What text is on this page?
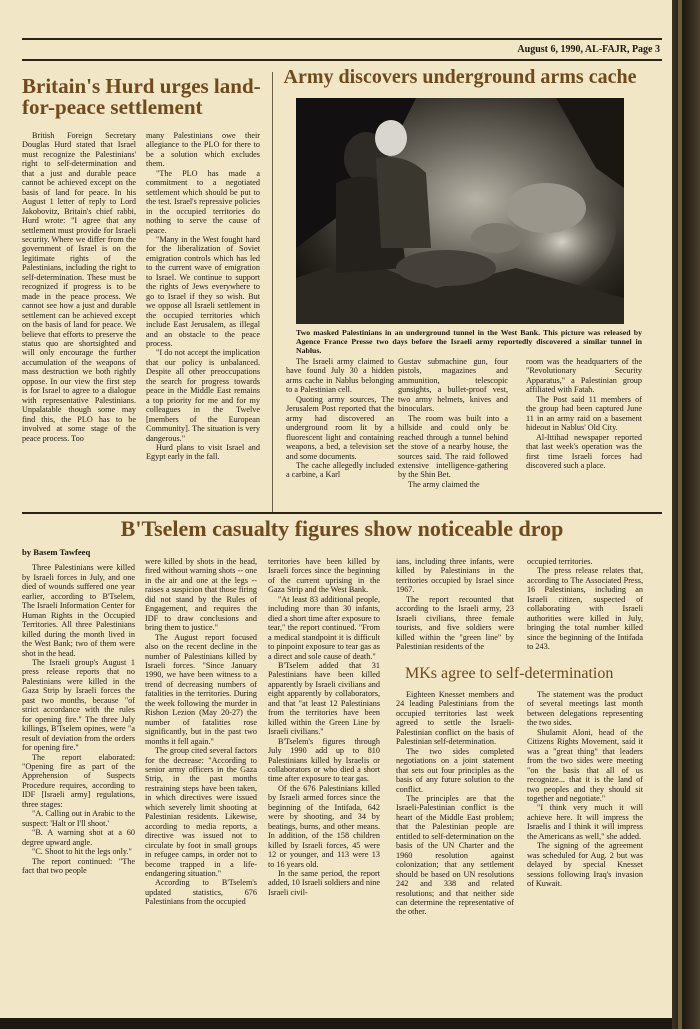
August 6, 1990, AL-FAJR, Page 3
Britain's Hurd urges land-for-peace settlement

British Foreign Secretary Douglas Hurd stated that Israel must recognize the Palestinians' right to self-determination and that a just and durable peace cannot be achieved except on the basis of land for peace. In his August 1 letter of reply to Lord Jakobovitz, Britain's chief rabbi, Hurd wrote: "I agree that any settlement must provide for Israeli security. Where we differ from the government of Israel is on the legitimate rights of the Palestinians, including the right to self-determination. These must be recognized if progress is to be made in the peace process. We cannot see how a just and durable settlement can be achieved except on the basis of land for peace. We believe that efforts to preserve the status quo are shortsighted and will only encourage the further accumulation of the weapons of mass destruction we both rightly oppose. In our view the first step is for Israel to agree to a dialogue with representative Palestinians. Unpalatable though some may find this, the PLO has to be involved at some stage of the peace process. Too

many Palestinians owe their allegiance to the PLO for there to be a solution which excludes them.

"The PLO has made a commitment to a negotiated settlement which should be put to the test. Israel's repressive policies in the occupied territories do nothing to serve the cause of peace.

"Many in the West fought hard for the liberalization of Soviet emigration controls which has led to the current wave of emigration to Israel. We continue to support the rights of Jews everywhere to go to Israel if they so wish. But we oppose all Israeli settlement in the occupied territories which include East Jerusalem, as illegal and an obstacle to the peace process.

"I do not accept the implication that our policy is unbalanced. Despite all other preoccupations the search for progress towards peace in the Middle East remains a top priority for me and for my colleagues in the Twelve [members of the European Community]. The situation is very dangerous."

Hurd plans to visit Israel and Egypt early in the fall.

Army discovers underground arms cache
Two masked Palestinians in an underground tunnel in the West Bank. This picture was released by Agence France Presse two days before the Israeli army reportedly discovered a similar tunnel in Nablus.

The Israeli army claimed to have found July 30 a hidden arms cache in Nablus belonging to a Palestinian cell.

Quoting army sources, The Jerusalem Post reported that the army had discovered an underground room lit by a fluorescent light and containing weapons, a bed, a television set and some documents.

The cache allegedly included a carbine, a Karl

Gustav submachine gun, four pistols, magazines and ammunition, telescopic gunsights, a bullet-proof vest, two army helmets, knives and binoculars.

The room was built into a hillside and could only be reached through a tunnel behind the stove of a nearby house, the sources said. The raid followed extensive intelligence-gathering by the Shin Bet.

The army claimed the

room was the headquarters of the "Revolutionary Security Apparatus," a Palestinian group affiliated with Fatah.

The Post said 11 members of the group had been captured June 11 in an army raid on a basement hideout in Nablus' Old City.

Al-Ittihad newspaper reported that last week's operation was the first time Israeli forces had discovered such a place.

B'Tselem casualty figures show noticeable drop
by Basem Tawfeeq

Three Palestinians were killed by Israeli forces in July, and one died of wounds suffered one year earlier, according to B'Tselem, The Israeli Information Center for Human Rights in the Occupied Territories. All three Palestinians killed during the month lived in the West Bank; two of them were shot in the head.

The Israeli group's August 1 press release reports that no Palestinians were killed in the Gaza Strip by Israeli forces the past two months, because "of strict accordance with the rules for opening fire." The three July killings, B'Tselem opines, were "a result of deviation from the orders for opening fire."

The report elaborated: "Opening fire as part of the Apprehension of Suspects Procedure requires, according to IDF [Israeli army] regulations, three stages:

"A. Calling out in Arabic to the suspect: 'Halt or I'll shoot.'

"B. A warning shot at a 60 degree upward angle.

"C. Shoot to hit the legs only."

The report continued: "The fact that two people

were killed by shots in the head, fired without warning shots -- one in the air and one at the legs -- raises a suspicion that those firing did not stand by the Rules of Engagement, and requires the IDF to draw conclusions and bring them to justice."

The August report focused also on the recent decline in the number of Palestinians killed by Israeli forces. "Since January 1990, we have been witness to a trend of decreasing numbers of fatalities in the territories. During the week following the murder in Rishon Lezion (May 20-27) the number of fatalities rose significantly, but in the past two months it fell again."

The group cited several factors for the decrease: "According to senior army officers in the Gaza Strip, in the past months restraining steps have been taken, in which directives were issued which severely limit shooting at Palestinian residents. Likewise, according to media reports, a directive was issued not to circulate by foot in small groups in refugee camps, in order not to become trapped in a life-endangering situation."

According to B'Tselem's updated statistics, 676 Palestinians from the occupied

territories have been killed by Israeli forces since the beginning of the current uprising in the Gaza Strip and the West Bank.

"At least 83 additional people, including more than 30 infants, died a short time after exposure to tear," the report continued. "From a medical standpoint it is difficult to pinpoint exposure to tear gas as a direct and sole cause of death."

B'Tselem added that 31 Palestinians have been killed apparently by Israeli civilians and eight apparently by collaborators, and that "at least 12 Palestinians from the territories have been killed within the Green Line by Israeli civilians."

B'Tselem's figures through July 1990 add up to 810 Palestinians killed by Israelis or collaborators or who died a short time after exposure to tear gas.

Of the 676 Palestinians killed by Israeli armed forces since the beginning of the Intifada, 642 were by shooting, and 34 by beatings, burns, and other means. In addition, of the 158 children killed by Israeli forces, 45 were 12 or younger, and 113 were 13 to 16 years old.

In the same period, the report added, 10 Israeli soldiers and nine Israeli civil-

ians, including three infants, were killed by Palestinians in the territories occupied by Israel since 1967.

The report recounted that according to the Israeli army, 23 Israeli civilians, three female tourists, and five soldiers were killed within the "green line" by Palestinian residents of the

occupied territories.

The press release relates that, according to The Associated Press, 16 Palestinians, including an Israeli citizen, suspected of collaborating with Israeli authorities were killed in July, bringing the total number killed since the beginning of the Intifada to 243.

MKs agree to self-determination

Eighteen Knesset members and 24 leading Palestinians from the occupied territories last week agreed to settle the Israeli-Palestinian conflict on the basis of Palestinian self-determination.

The two sides completed negotiations on a joint statement that sets out four principles as the basis of any future solution to the conflict.

The principles are that the Israeli-Palestinian conflict is the heart of the Middle East problem; that the Palestinian people are entitled to self-determination on the basis of the UN Charter and the 1960 resolution against colonization; that any settlement should be based on UN resolutions 242 and 338 and related resolutions; and that neither side can determine the representative of the other.

The statement was the product of several meetings last month between delegations representing the two sides.

Shulamit Aloni, head of the Citizens Rights Movement, said it was a "great thing" that leaders from the two sides were meeting "on the basis that all of us recognize... that it is the land of two peoples and they should sit together and negotiate."

"I think very much it will achieve here. It will impress the Israelis and I think it will impress the Americans as well," she added.

The signing of the agreement was scheduled for Aug. 2 but was delayed by special Knesset sessions following Iraq's invasion of Kuwait.
